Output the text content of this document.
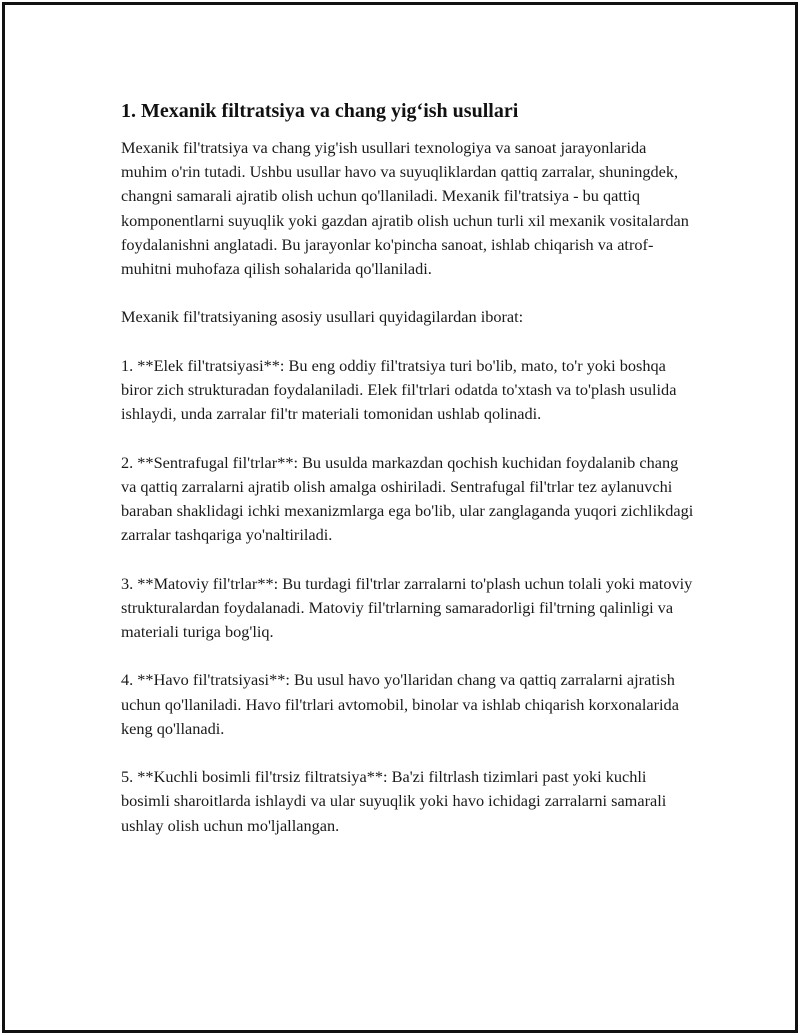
1. Mexanik filtratsiya va chang yig‘ish usullari

Mexanik fil'tratsiya va chang yig'ish usullari texnologiya va sanoat jarayonlarida muhim o'rin tutadi. Ushbu usullar havo va suyuqliklardan qattiq zarralar, shuningdek, changni samarali ajratib olish uchun qo'llaniladi. Mexanik fil'tratsiya - bu qattiq komponentlarni suyuqlik yoki gazdan ajratib olish uchun turli xil mexanik vositalardan foydalanishni anglatadi. Bu jarayonlar ko'pincha sanoat, ishlab chiqarish va atrof-muhitni muhofaza qilish sohalarida qo'llaniladi.

Mexanik fil'tratsiyaning asosiy usullari quyidagilardan iborat:

1. **Elek fil'tratsiyasi**: Bu eng oddiy fil'tratsiya turi bo'lib, mato, to'r yoki boshqa biror zich strukturadan foydalaniladi. Elek fil'trlari odatda to'xtash va to'plash usulida ishlaydi, unda zarralar fil'tr materiali tomonidan ushlab qolinadi.

2. **Sentrafugal fil'trlar**: Bu usulda markazdan qochish kuchidan foydalanib chang va qattiq zarralarni ajratib olish amalga oshiriladi. Sentrafugal fil'trlar tez aylanuvchi baraban shaklidagi ichki mexanizmlarga ega bo'lib, ular zanglaganda yuqori zichlikdagi zarralar tashqariga yo'naltiriladi.

3. **Matoviy fil'trlar**: Bu turdagi fil'trlar zarralarni to'plash uchun tolali yoki matoviy strukturalardan foydalanadi. Matoviy fil'trlarning samaradorligi fil'trning qalinligi va materiali turiga bog'liq.

4. **Havo fil'tratsiyasi**: Bu usul havo yo'llaridan chang va qattiq zarralarni ajratish uchun qo'llaniladi. Havo fil'trlari avtomobil, binolar va ishlab chiqarish korxonalarida keng qo'llanadi.

5. **Kuchli bosimli fil'trsiz filtratsiya**: Ba'zi filtrlash tizimlari past yoki kuchli bosimli sharoitlarda ishlaydi va ular suyuqlik yoki havo ichidagi zarralarni samarali ushlay olish uchun mo'ljallangan.
